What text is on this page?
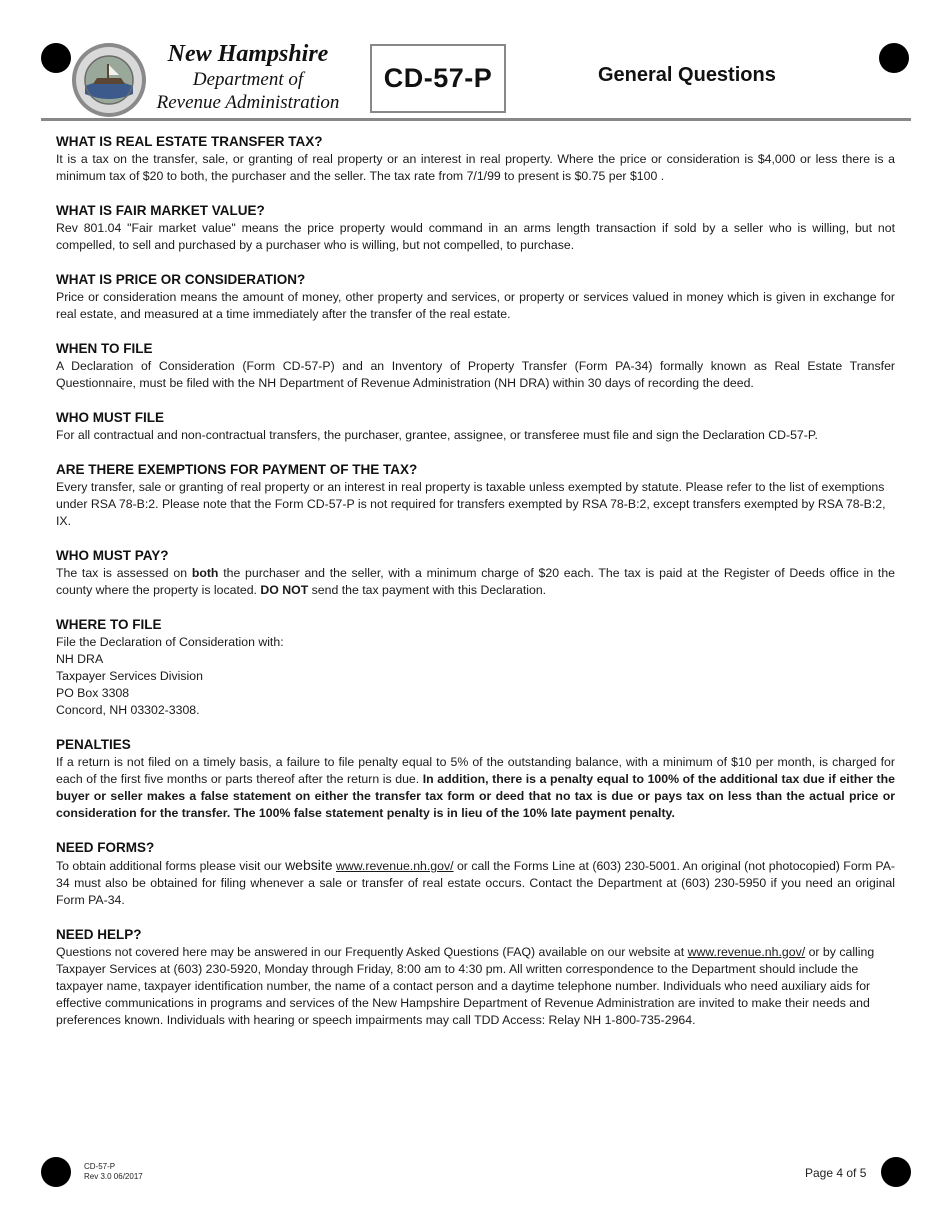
New Hampshire
Department of
Revenue Administration
CD-57-P	General Questions
WHAT IS REAL ESTATE TRANSFER TAX?

It is a tax on the transfer, sale, or granting of real property or an interest in real property. Where the price or consideration is $4,000 or less there is a minimum tax of $20 to both, the purchaser and the seller. The tax rate from 7/1/99 to present is $0.75 per $100 .

WHAT IS FAIR MARKET VALUE?

Rev 801.04 "Fair market value" means the price property would command in an arms length transaction if sold by a seller who is willing, but not compelled, to sell and purchased by a purchaser who is willing, but not compelled, to purchase.

WHAT IS PRICE OR CONSIDERATION?

Price or consideration means the amount of money, other property and services, or property or services valued in money which is given in exchange for real estate, and measured at a time immediately after the transfer of the real estate.

WHEN TO FILE

A Declaration of Consideration (Form CD-57-P) and an Inventory of Property Transfer (Form PA-34) formally known as Real Estate Transfer Questionnaire, must be filed with the NH Department of Revenue Administration (NH DRA) within 30 days of recording the deed.

WHO MUST FILE

For all contractual and non-contractual transfers, the purchaser, grantee, assignee, or transferee must file and sign the Declaration CD-57-P.

ARE THERE EXEMPTIONS FOR PAYMENT OF THE TAX?

Every transfer, sale or granting of real property or an interest in real property is taxable unless exempted by statute. Please refer to the list of exemptions under RSA 78-B:2. Please note that the Form CD-57-P is not required for transfers exempted by RSA 78-B:2, except transfers exempted by RSA 78-B:2, IX.

WHO MUST PAY?

The tax is assessed on both the purchaser and the seller, with a minimum charge of $20 each. The tax is paid at the Register of Deeds office in the county where the property is located. DO NOT send the tax payment with this Declaration.

WHERE TO FILE
File the Declaration of Consideration with:
NH DRA
Taxpayer Services Division
PO Box 3308
Concord, NH 03302-3308.
PENALTIES

If a return is not filed on a timely basis, a failure to file penalty equal to 5% of the outstanding balance, with a minimum of $10 per month, is charged for each of the first five months or parts thereof after the return is due. In addition, there is a penalty equal to 100% of the additional tax due if either the buyer or seller makes a false statement on either the transfer tax form or deed that no tax is due or pays tax on less than the actual price or consideration for the transfer. The 100% false statement penalty is in lieu of the 10% late payment penalty.

NEED FORMS?

To obtain additional forms please visit our website www.revenue.nh.gov/ or call the Forms Line at (603) 230-5001. An original (not photocopied) Form PA-34 must also be obtained for filing whenever a sale or transfer of real estate occurs. Contact the Department at (603) 230-5950 if you need an original Form PA-34.

NEED HELP?

Questions not covered here may be answered in our Frequently Asked Questions (FAQ) available on our website at www.revenue.nh.gov/ or by calling Taxpayer Services at (603) 230-5920, Monday through Friday, 8:00 am to 4:30 pm. All written correspondence to the Department should include the taxpayer name, taxpayer identification number, the name of a contact person and a daytime telephone number. Individuals who need auxiliary aids for effective communications in programs and services of the New Hampshire Department of Revenue Administration are invited to make their needs and preferences known. Individuals with hearing or speech impairments may call TDD Access: Relay NH 1-800-735-2964.

CD-57-P
Rev 3.0 06/2017	Page 4 of 5
